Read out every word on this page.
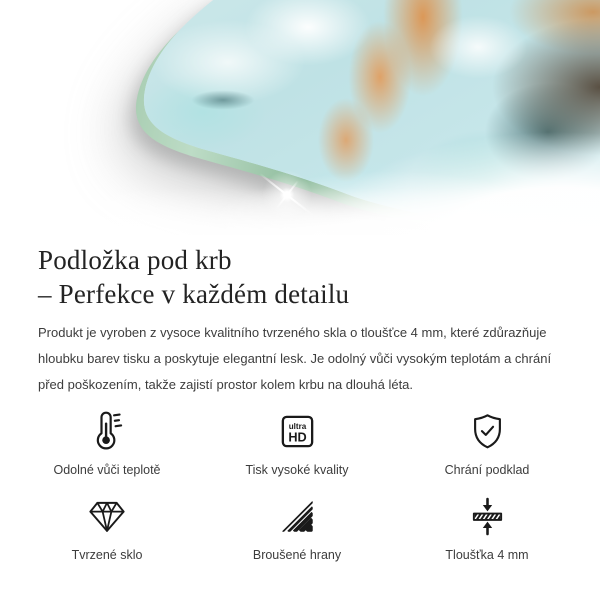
Podložka pod krb
– Perfekce v každém detailu

Produkt je vyroben z vysoce kvalitního tvrzeného skla o tloušťce 4 mm, které zdůrazňuje hloubku barev tisku a poskytuje elegantní lesk. Je odolný vůči vysokým teplotám a chrání před poškozením, takže zajistí prostor kolem krbu na dlouhá léta.

Odolné vůči teplotě
ultra
HD
Tisk vysoké kvality	Chrání podklad
Tvrzené sklo	Broušené hrany	Tloušťka 4 mm
